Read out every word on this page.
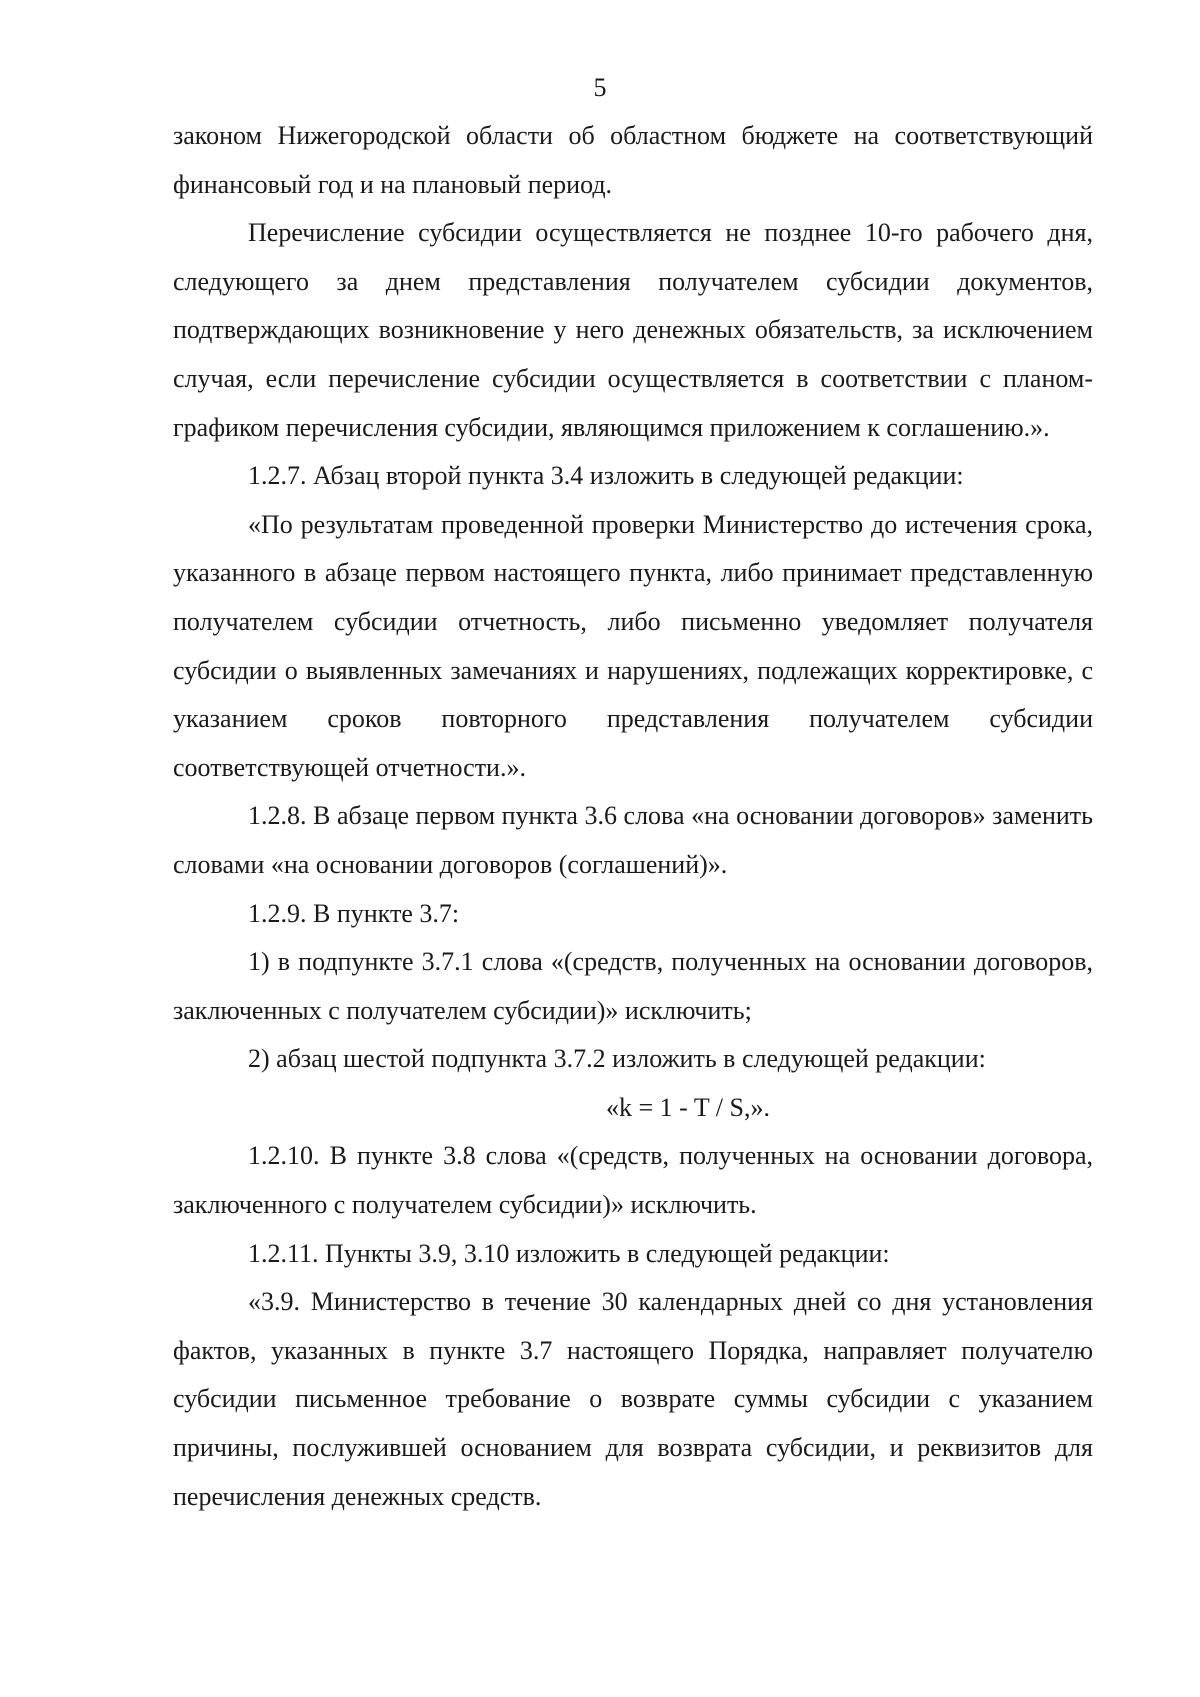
5

законом Нижегородской области об областном бюджете на соответствующий финансовый год и на плановый период.

Перечисление субсидии осуществляется не позднее 10-го рабочего дня, следующего за днем представления получателем субсидии документов, подтверждающих возникновение у него денежных обязательств, за исключением случая, если перечисление субсидии осуществляется в соответствии с планом-графиком перечисления субсидии, являющимся приложением к соглашению.».

1.2.7. Абзац второй пункта 3.4 изложить в следующей редакции:

«По результатам проведенной проверки Министерство до истечения срока, указанного в абзаце первом настоящего пункта, либо принимает представленную получателем субсидии отчетность, либо письменно уведомляет получателя субсидии о выявленных замечаниях и нарушениях, подлежащих корректировке, с указанием сроков повторного представления получателем субсидии соответствующей отчетности.».

1.2.8. В абзаце первом пункта 3.6 слова «на основании договоров» заменить словами «на основании договоров (соглашений)».

1.2.9. В пункте 3.7:

1) в подпункте 3.7.1 слова «(средств, полученных на основании договоров, заключенных с получателем субсидии)» исключить;

2) абзац шестой подпункта 3.7.2 изложить в следующей редакции:

«k = 1 - T / S,».

1.2.10. В пункте 3.8 слова «(средств, полученных на основании договора, заключенного с получателем субсидии)» исключить.

1.2.11. Пункты 3.9, 3.10 изложить в следующей редакции:

«3.9. Министерство в течение 30 календарных дней со дня установления фактов, указанных в пункте 3.7 настоящего Порядка, направляет получателю субсидии письменное требование о возврате суммы субсидии с указанием причины, послужившей основанием для возврата субсидии, и реквизитов для перечисления денежных средств.
